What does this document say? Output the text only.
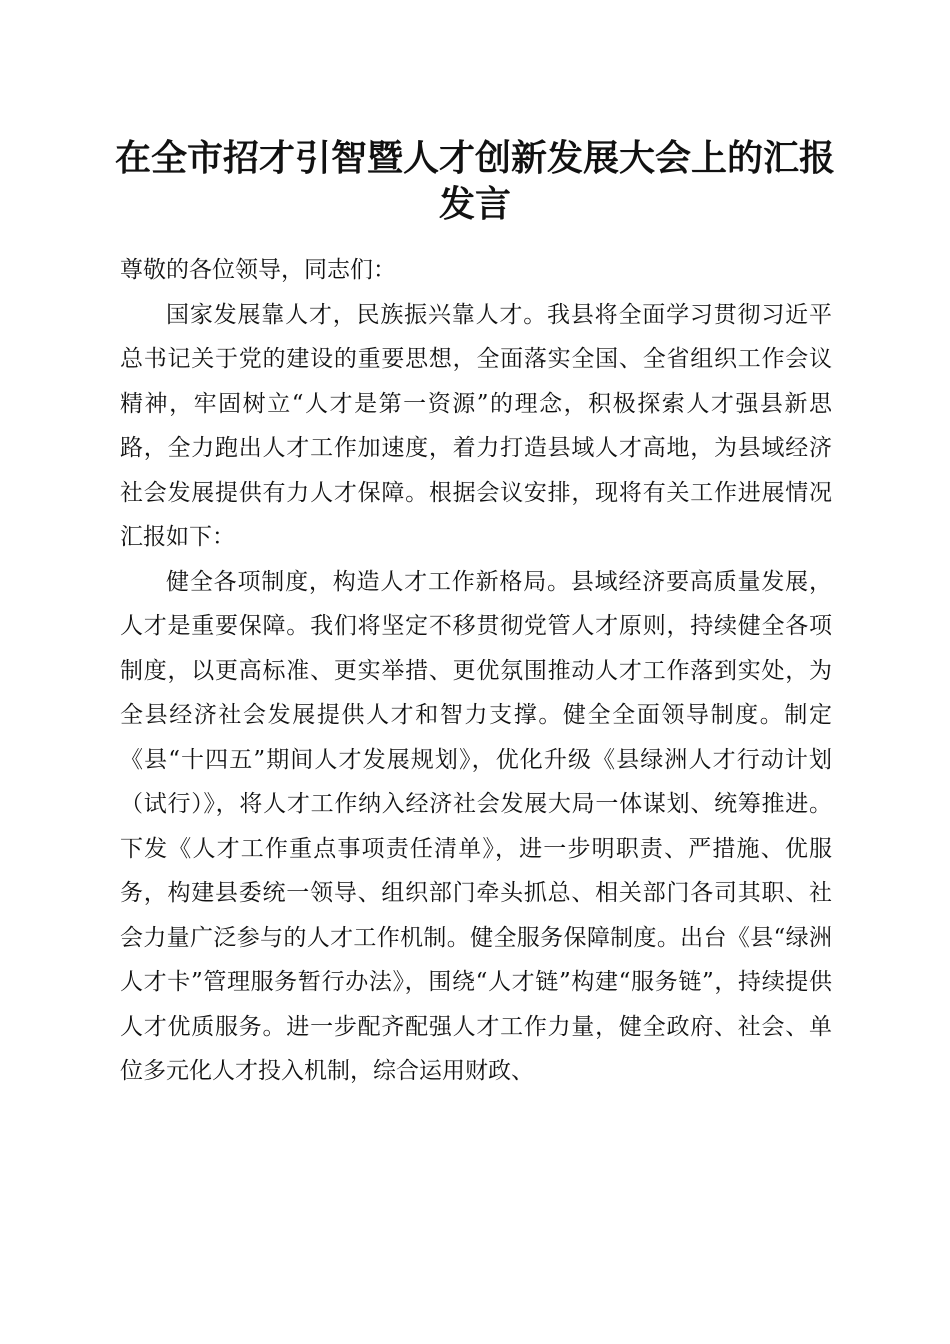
在全市招才引智暨人才创新发展大会上的汇报
发言

尊敬的各位领导，同志们：

国家发展靠人才，民族振兴靠人才。我县将全面学习贯彻习近平总书记关于党的建设的重要思想，全面落实全国、全省组织工作会议精神，牢固树立“人才是第一资源”的理念，积极探索人才强县新思路，全力跑出人才工作加速度，着力打造县域人才高地，为县域经济社会发展提供有力人才保障。根据会议安排，现将有关工作进展情况汇报如下：

健全各项制度，构造人才工作新格局。县域经济要高质量发展，人才是重要保障。我们将坚定不移贯彻党管人才原则，持续健全各项制度，以更高标准、更实举措、更优氛围推动人才工作落到实处，为全县经济社会发展提供人才和智力支撑。健全全面领导制度。制定《县“十四五”期间人才发展规划》，优化升级《县绿洲人才行动计划（试行）》，将人才工作纳入经济社会发展大局一体谋划、统筹推进。下发《人才工作重点事项责任清单》，进一步明职责、严措施、优服务，构建县委统一领导、组织部门牵头抓总、相关部门各司其职、社会力量广泛参与的人才工作机制。健全服务保障制度。出台《县“绿洲人才卡”管理服务暂行办法》，围绕“人才链”构建“服务链”，持续提供人才优质服务。进一步配齐配强人才工作力量，健全政府、社会、单位多元化人才投入机制，综合运用财政、
